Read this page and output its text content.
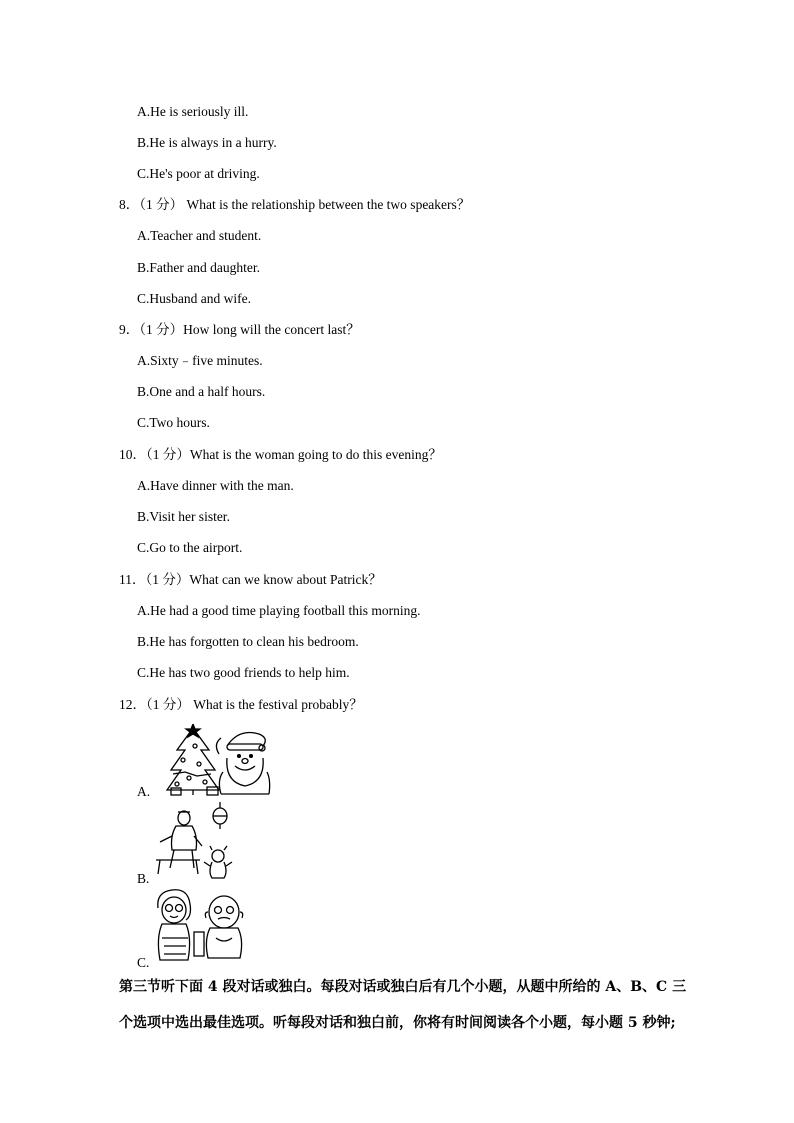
A.He is seriously ill.
B.He is always in a hurry.
C.He's poor at driving.
8．（1 分） What is the relationship between the two speakers？
A.Teacher and student.
B.Father and daughter.
C.Husband and wife.
9．（1 分）How long will the concert last？
A.Sixty﹣five minutes.
B.One and a half hours.
C.Two hours.
10．（1 分）What is the woman going to do this evening？
A.Have dinner with the man.
B.Visit her sister.
C.Go to the airport.
11．（1 分）What can we know about Patrick？
A.He had a good time playing football this morning.
B.He has forgotten to clean his bedroom.
C.He has two good friends to help him.
12．（1 分） What is the festival probably？
A.
B.
C.
第三节听下面 4 段对话或独白。每段对话或独白后有几个小题，从题中所给的 A、B、C 三
个选项中选出最佳选项。听每段对话和独白前，你将有时间阅读各个小题，每小题 5 秒钟;
